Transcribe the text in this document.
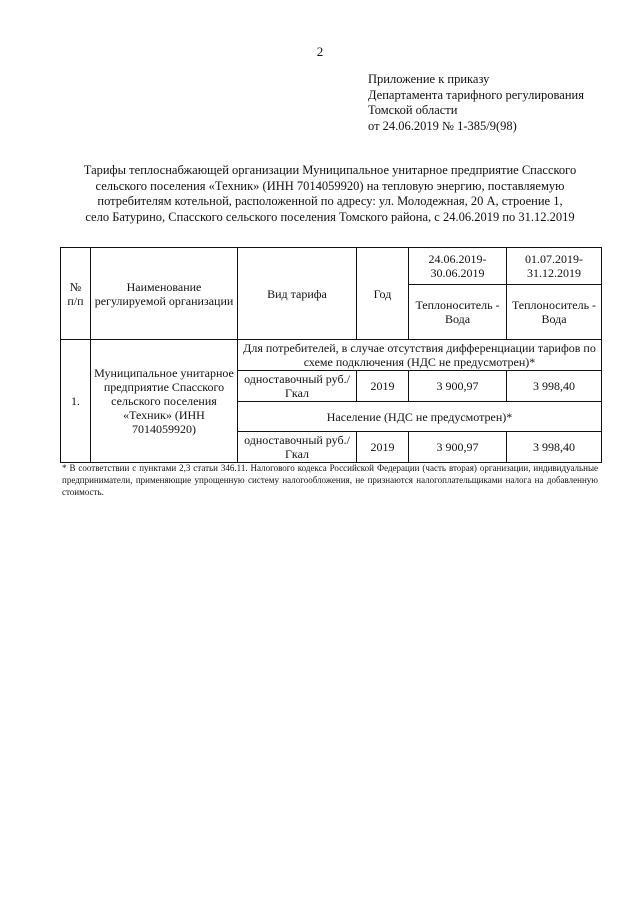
2
Приложение к приказу
Департамента тарифного регулирования
Томской области
от 24.06.2019 № 1-385/9(98)
Тарифы теплоснабжающей организации Муниципальное унитарное предприятие Спасского
сельского поселения «Техник» (ИНН 7014059920) на тепловую энергию, поставляемую
потребителям котельной, расположенной по адресу: ул. Молодежная, 20 А, строение 1,
село Батурино, Спасского сельского поселения Томского района, с 24.06.2019 по 31.12.2019
№ п/п	Наименование регулируемой организации	Вид тарифа	Год	24.06.2019-30.06.2019	01.07.2019-31.12.2019
				Теплоноситель - Вода	Теплоноситель - Вода
1.	Муниципальное унитарное предприятие Спасского сельского поселения «Техник» (ИНН 7014059920)	Для потребителей, в случае отсутствия дифференциации тарифов по схеме подключения (НДС не предусмотрен)*			
		одноставочный руб./Гкал	2019	3 900,97	3 998,40
		Население (НДС не предусмотрен)*			
		одноставочный руб./Гкал	2019	3 900,97	3 998,40
* В соответствии с пунктами 2,3 статьи 346.11. Налогового кодекса Российской Федерации (часть вторая) организации, индивидуальные предприниматели, применяющие упрощенную систему налогообложения, не признаются налогоплательщиками налога на добавленную стоимость.
